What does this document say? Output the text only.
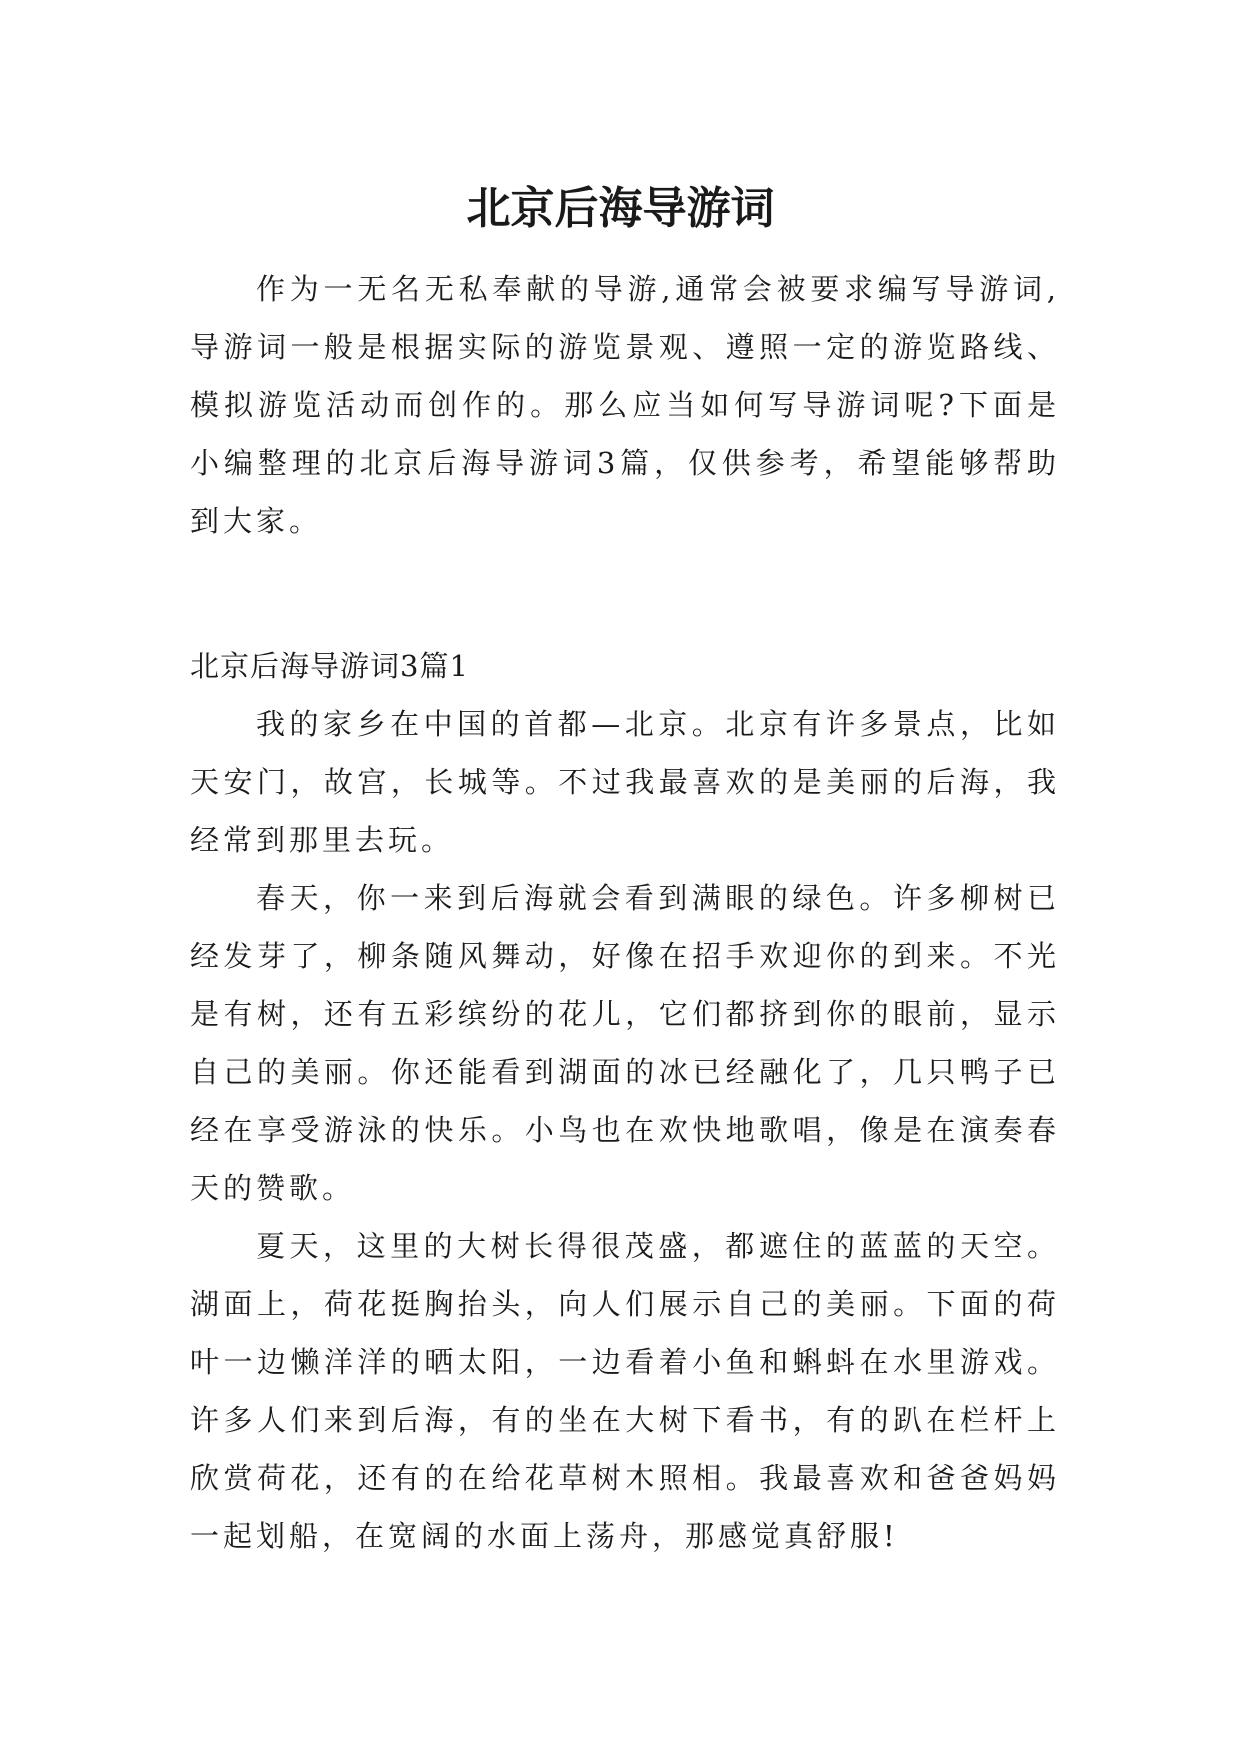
北京后海导游词

作为一无名无私奉献的导游,通常会被要求编写导游词,导游词一般是根据实际的游览景观、遵照一定的游览路线、模拟游览活动而创作的。那么应当如何写导游词呢?下面是小编整理的北京后海导游词3篇，仅供参考，希望能够帮助到大家。

北京后海导游词3篇1

我的家乡在中国的首都—北京。北京有许多景点，比如天安门，故宫，长城等。不过我最喜欢的是美丽的后海，我经常到那里去玩。

春天，你一来到后海就会看到满眼的绿色。许多柳树已经发芽了，柳条随风舞动，好像在招手欢迎你的到来。不光是有树，还有五彩缤纷的花儿，它们都挤到你的眼前，显示自己的美丽。你还能看到湖面的冰已经融化了，几只鸭子已经在享受游泳的快乐。小鸟也在欢快地歌唱，像是在演奏春天的赞歌。

夏天，这里的大树长得很茂盛，都遮住的蓝蓝的天空。湖面上，荷花挺胸抬头，向人们展示自己的美丽。下面的荷叶一边懒洋洋的晒太阳，一边看着小鱼和蝌蚪在水里游戏。许多人们来到后海，有的坐在大树下看书，有的趴在栏杆上欣赏荷花，还有的在给花草树木照相。我最喜欢和爸爸妈妈一起划船，在宽阔的水面上荡舟，那感觉真舒服!
